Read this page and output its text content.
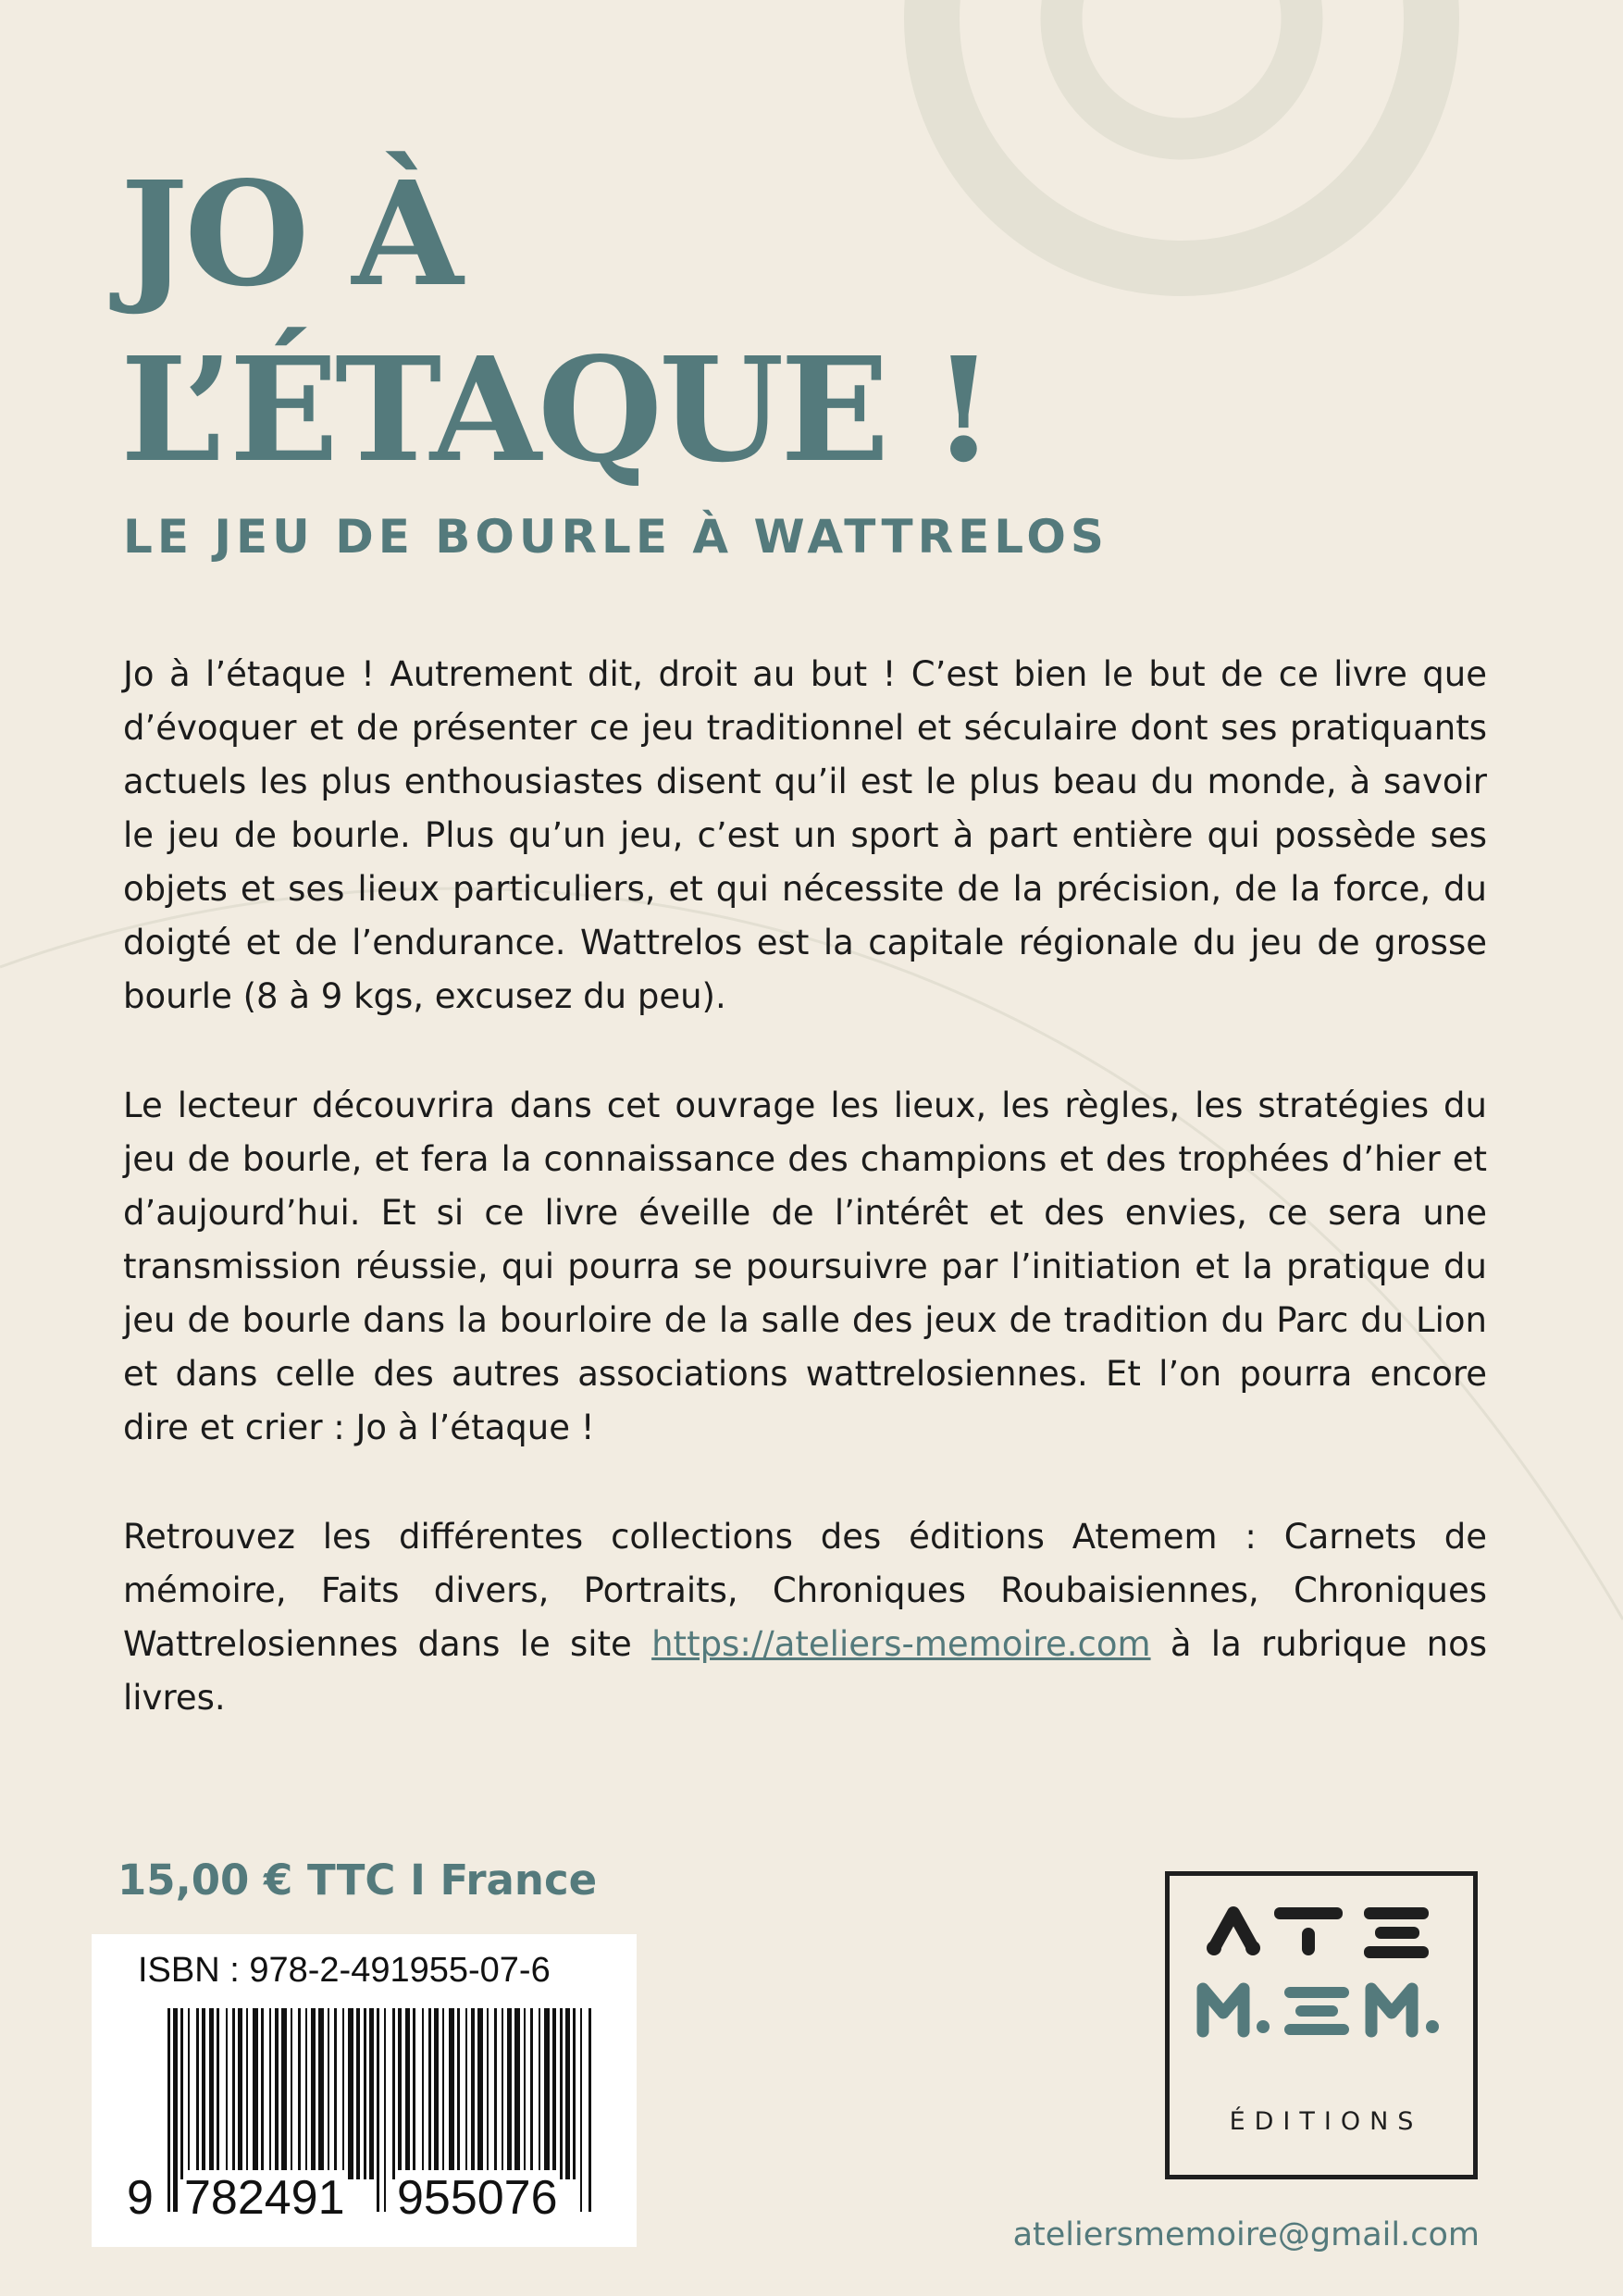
JO À
L’ÉTAQUE !
LE JEU DE BOURLE À WATTRELOS

Jo à l’étaque ! Autrement dit, droit au but ! C’est bien le but de ce livre que d’évoquer et de présenter ce jeu traditionnel et séculaire dont ses pratiquants actuels les plus enthousiastes disent qu’il est le plus beau du monde, à savoir le jeu de bourle. Plus qu’un jeu, c’est un sport à part entière qui possède ses objets et ses lieux particuliers, et qui nécessite de la précision, de la force, du doigté et de l’endurance. Wattrelos est la capitale régionale du jeu de grosse bourle (8 à 9 kgs, excusez du peu).

Le lecteur découvrira dans cet ouvrage les lieux, les règles, les stratégies du jeu de bourle, et fera la connaissance des champions et des trophées d’hier et d’aujourd’hui. Et si ce livre éveille de l’intérêt et des envies, ce sera une transmission réussie, qui pourra se poursuivre par l’initiation et la pratique du jeu de bourle dans la bourloire de la salle des jeux de tradition du Parc du Lion et dans celle des autres associations wattrelosiennes. Et l’on pourra encore dire et crier : Jo à l’étaque !

Retrouvez les différentes collections des éditions Atemem : Carnets de mémoire, Faits divers, Portraits, Chroniques Roubaisiennes, Chroniques Wattrelosiennes dans le site https://ateliers-memoire.com à la rubrique nos livres.

15,00 € TTC I France
ISBN : 978-2-491955-07-6
9 782491 955076
ÉDITIONS
ateliersmemoire@gmail.com
